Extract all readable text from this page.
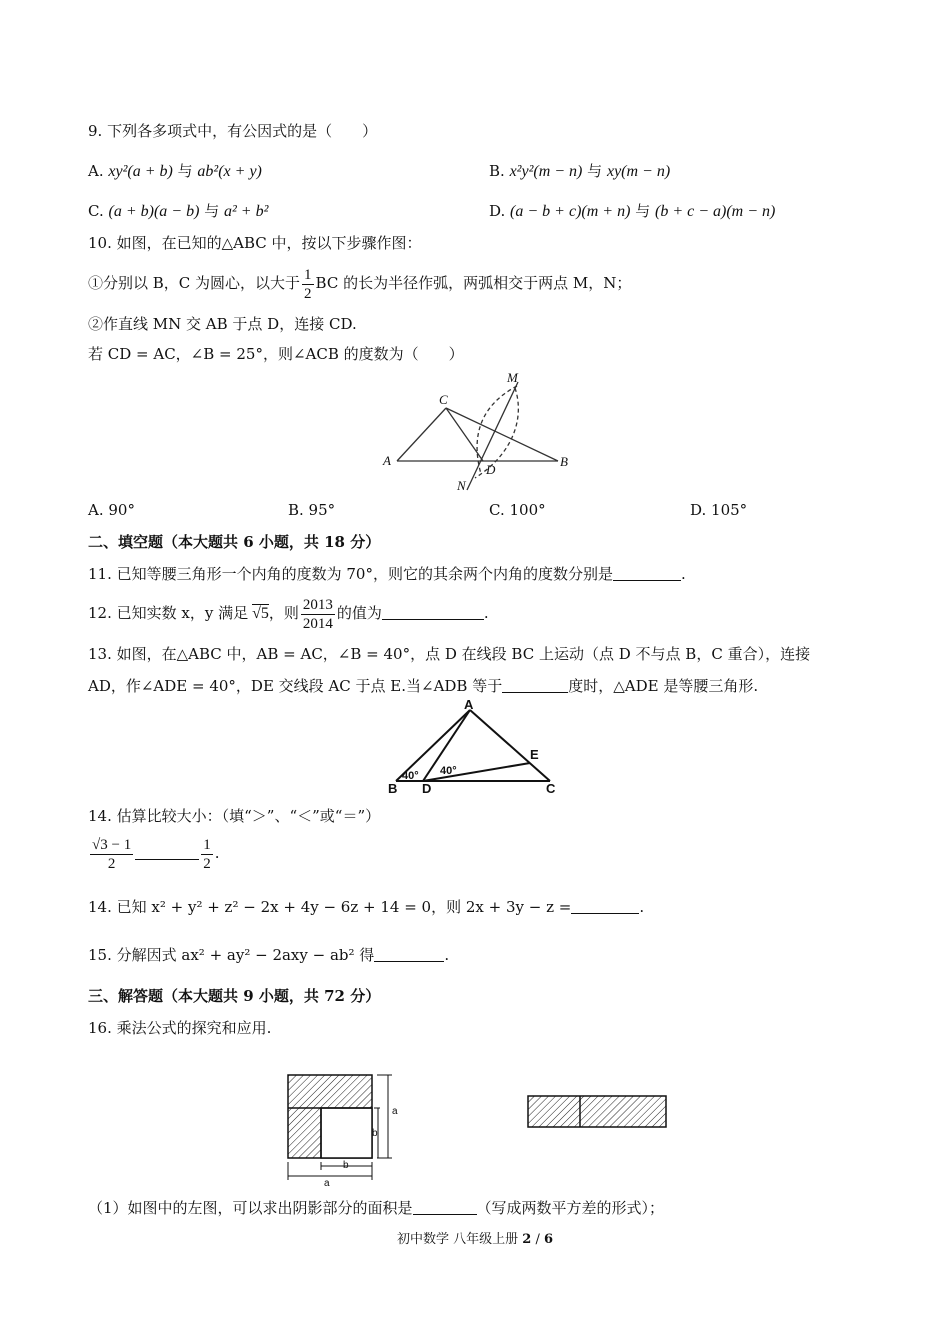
9. 下列各多项式中，有公因式的是（　　）
A. xy²(a + b) 与 ab²(x + y)	B. x²y²(m − n) 与 xy(m − n)
C. (a + b)(a − b) 与 a² + b²	D. (a − b + c)(m + n) 与 (b + c − a)(m − n)
10. 如图，在已知的△ABC 中，按以下步骤作图：
①分别以 B，C 为圆心，以大于 $\frac{1}{2}$ BC 的长为半径作弧，两弧相交于两点 M，N；
②作直线 MN 交 AB 于点 D，连接 CD.
若 CD = AC，∠B = 25°，则∠ACB 的度数为（　　）
A	B
C
D
M
N
A. 90°	B. 95°	C. 100°	D. 105°
二、填空题（本大题共 6 小题，共 18 分）
11. 已知等腰三角形一个内角的度数为 70°，则它的其余两个内角的度数分别是	.
12. 已知实数 x，y 满足 √5，则 $\frac{2013}{2014}$ 的值为	.
13. 如图，在△ABC 中，AB = AC，∠B = 40°，点 D 在线段 BC 上运动（点 D 不与点 B，C 重合），连接
AD，作∠ADE = 40°，DE 交线段 AC 于点 E.当∠ADB 等于	度时，△ADE 是等腰三角形.
A
B	C
D
E
40° 40°
14. 估算比较大小：（填“＞”、“＜”或“＝”）
$\frac{√3 - 1}{2}$	$\frac{1}{2}$ .
14. 已知 x² + y² + z² − 2x + 4y − 6z + 14 = 0，则 2x + 3y − z =	.
15. 分解因式 ax² + ay² − 2axy − ab² 得	.
三、解答题（本大题共 9 小题，共 72 分）
16. 乘法公式的探究和应用.
a
b
b
a
（1）如图中的左图，可以求出阴影部分的面积是	（写成两数平方差的形式）；
初中数学 八年级上册 2 / 6
